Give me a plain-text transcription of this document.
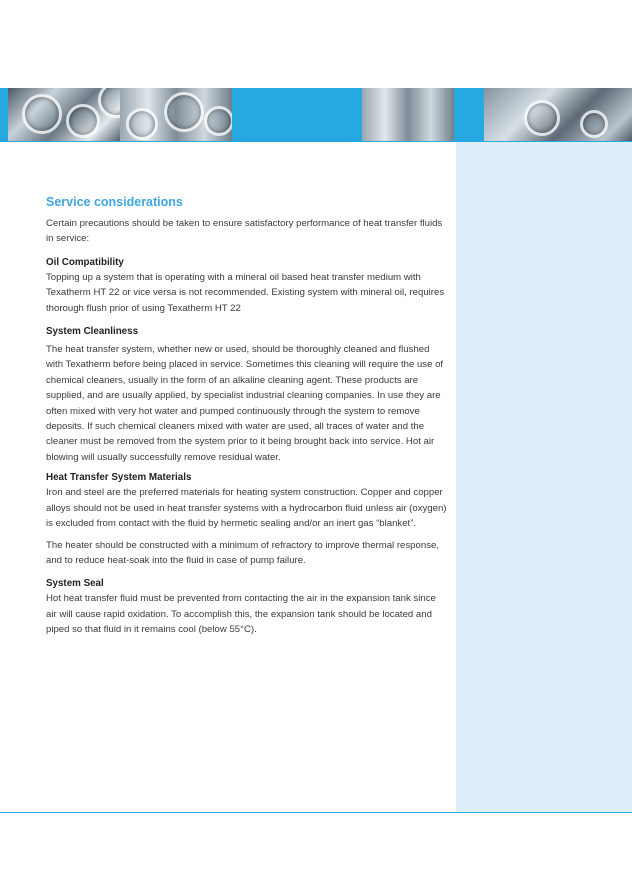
Service considerations

Certain precautions should be taken to ensure satisfactory performance of heat transfer fluids in service:

Oil Compatibility

Topping up a system that is operating with a mineral oil based heat transfer medium with Texatherm HT 22 or vice versa is not recommended. Existing system with mineral oil, requires thorough flush prior of using Texatherm HT 22

System Cleanliness

The heat transfer system, whether new or used, should be thoroughly cleaned and flushed with Texatherm before being placed in service. Sometimes this cleaning will require the use of chemical cleaners, usually in the form of an alkaline cleaning agent. These products are supplied, and are usually applied, by specialist industrial cleaning companies. In use they are often mixed with very hot water and pumped continuously through the system to remove deposits. If such chemical cleaners mixed with water are used, all traces of water and the cleaner must be removed from the system prior to it being brought back into service. Hot air blowing will usually successfully remove residual water.

Heat Transfer System Materials

Iron and steel are the preferred materials for heating system construction. Copper and copper alloys should not be used in heat transfer systems with a hydrocarbon fluid unless air (oxygen) is excluded from contact with the fluid by hermetic sealing and/or an inert gas “blanket”.

The heater should be constructed with a minimum of refractory to improve thermal response, and to reduce heat-soak into the fluid in case of pump failure.

System Seal

Hot heat transfer fluid must be prevented from contacting the air in the expansion tank since air will cause rapid oxidation. To accomplish this, the expansion tank should be located and piped so that fluid in it remains cool (below 55°C).
